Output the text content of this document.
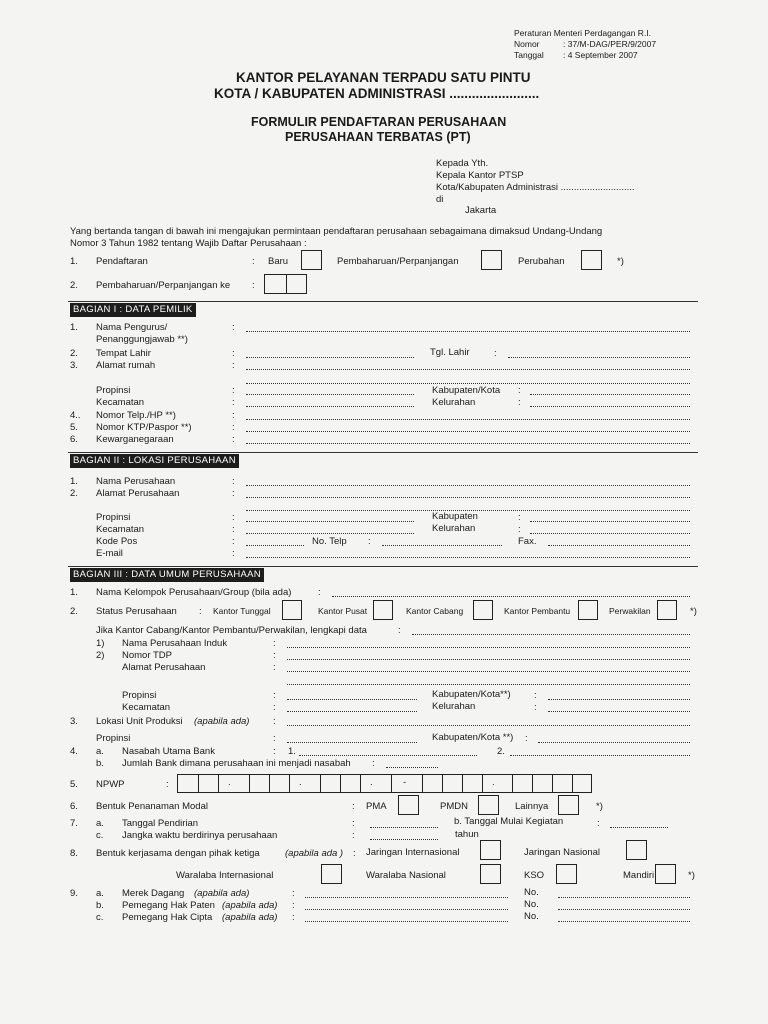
Peraturan Menteri Perdagangan R.I.
Nomor	: 37/M-DAG/PER/9/2007
Tanggal : 4 September 2007
KANTOR PELAYANAN TERPADU SATU PINTU
KOTA / KABUPATEN ADMINISTRASI ........................
FORMULIR PENDAFTARAN PERUSAHAAN
PERUSAHAAN TERBATAS (PT)
Kepada Yth.
Kepala Kantor PTSP
Kota/Kabupaten Administrasi ............................
di
Jakarta
Yang bertanda tangan di bawah ini mengajukan permintaan pendaftaran perusahaan sebagaimana dimaksud Undang-Undang
Nomor 3 Tahun 1982 tentang Wajib Daftar Perusahaan :
1. Pendaftaran	: Baru	Pembaharuan/Perpanjangan	Perubahan	*)
2. Pembaharuan/Perpanjangan ke :
BAGIAN I : DATA PEMILIK
1. Nama Pengurus/
Penanggungjawab **)
:
2. Tempat Lahir	:	Tgl. Lahir	:
3. Alamat rumah	:
Propinsi	:	Kabupaten/Kota :
Kecamatan	:	Kelurahan	:
4.. Nomor Telp./HP **)	:
5. Nomor KTP/Paspor **)	:
6. Kewarganegaraan	:
BAGIAN II : LOKASI PERUSAHAAN
1. Nama Perusahaan	:
2. Alamat Perusahaan	:
Propinsi	:	Kabupaten	:
Kecamatan	:	Kelurahan	:
Kode Pos	:	No. Telp :	Fax.
E-mail	:
BAGIAN III : DATA UMUM PERUSAHAAN
1. Nama Kelompok Perusahaan/Group (bila ada)	:
2. Status Perusahaan : Kantor Tunggal	Kantor Pusat	Kantor Cabang	Kantor Pembantu	Perwakilan	*)
Jika Kantor Cabang/Kantor Pembantu/Perwakilan, lengkapi data	:
1) Nama Perusahaan Induk	:
2) Nomor TDP	:
Alamat Perusahaan	:
Propinsi	:	Kabupaten/Kota**) :
Kecamatan	:	Kelurahan	:
3. Lokasi Unit Produksi (apabila ada) :
Propinsi	:	Kabupaten/Kota **) :
4. a. Nasabah Utama Bank	: 1.	2.
b. Jumlah Bank dimana perusahaan ini menjadi nasabah :
5. NPWP	:	.	.	.	-	.
6. Bentuk Penanaman Modal	: PMA	PMDN	Lainnya	*)
7. a. Tanggal Pendirian	:	b. Tanggal Mulai Kegiatan	:
c. Jangka waktu berdirinya perusahaan	:	tahun
8. Bentuk kerjasama dengan pihak ketiga	(apabila ada ) : Jaringan Internasional	Jaringan Nasional
Waralaba Internasional	Waralaba Nasional	KSO	Mandiri	*)
9. a. Merek Dagang (apabila ada)	:	No.
b. Pemegang Hak Paten (apabila ada) :	No.
c. Pemegang Hak Cipta (apabila ada) :	No.
